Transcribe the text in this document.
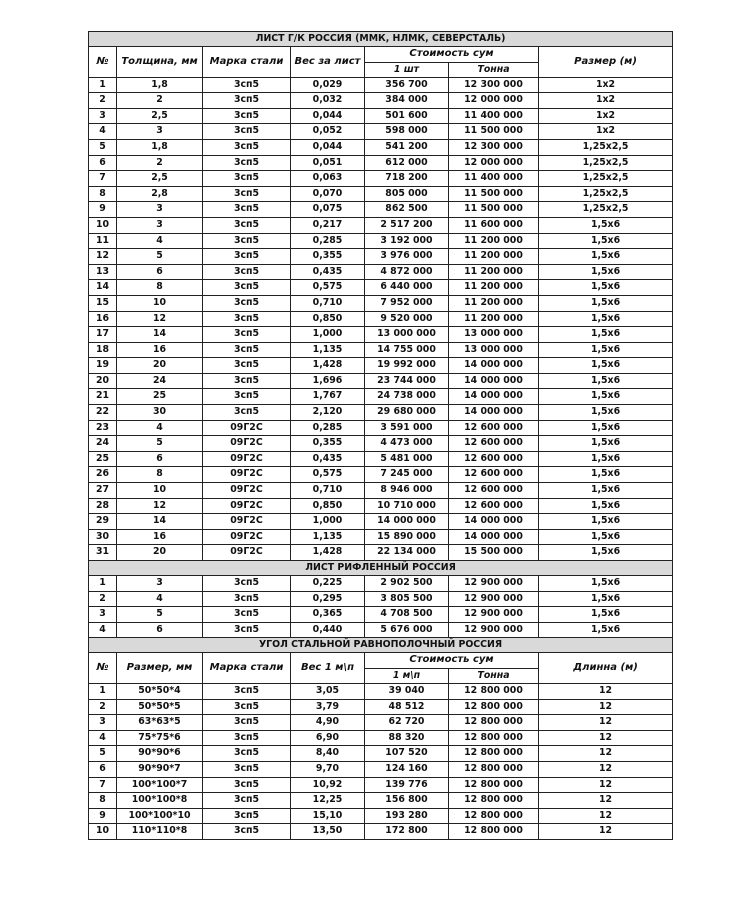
ЛИСТ Г/К РОССИЯ (ММК, НЛМК, СЕВЕРСТАЛЬ)						
№	Толщина, мм	Марка стали	Вес за лист	Стоимость сум		Размер (м)
				1 шт	Тонна	
1	1,8	3сп5	0,029	356 700	12 300 000	1х2
2	2	3сп5	0,032	384 000	12 000 000	1х2
3	2,5	3сп5	0,044	501 600	11 400 000	1х2
4	3	3сп5	0,052	598 000	11 500 000	1х2
5	1,8	3сп5	0,044	541 200	12 300 000	1,25х2,5
6	2	3сп5	0,051	612 000	12 000 000	1,25х2,5
7	2,5	3сп5	0,063	718 200	11 400 000	1,25х2,5
8	2,8	3сп5	0,070	805 000	11 500 000	1,25х2,5
9	3	3сп5	0,075	862 500	11 500 000	1,25х2,5
10	3	3сп5	0,217	2 517 200	11 600 000	1,5х6
11	4	3сп5	0,285	3 192 000	11 200 000	1,5х6
12	5	3сп5	0,355	3 976 000	11 200 000	1,5х6
13	6	3сп5	0,435	4 872 000	11 200 000	1,5х6
14	8	3сп5	0,575	6 440 000	11 200 000	1,5х6
15	10	3сп5	0,710	7 952 000	11 200 000	1,5х6
16	12	3сп5	0,850	9 520 000	11 200 000	1,5х6
17	14	3сп5	1,000	13 000 000	13 000 000	1,5х6
18	16	3сп5	1,135	14 755 000	13 000 000	1,5х6
19	20	3сп5	1,428	19 992 000	14 000 000	1,5х6
20	24	3сп5	1,696	23 744 000	14 000 000	1,5х6
21	25	3сп5	1,767	24 738 000	14 000 000	1,5х6
22	30	3сп5	2,120	29 680 000	14 000 000	1,5х6
23	4	09Г2С	0,285	3 591 000	12 600 000	1,5х6
24	5	09Г2С	0,355	4 473 000	12 600 000	1,5х6
25	6	09Г2С	0,435	5 481 000	12 600 000	1,5х6
26	8	09Г2С	0,575	7 245 000	12 600 000	1,5х6
27	10	09Г2С	0,710	8 946 000	12 600 000	1,5х6
28	12	09Г2С	0,850	10 710 000	12 600 000	1,5х6
29	14	09Г2С	1,000	14 000 000	14 000 000	1,5х6
30	16	09Г2С	1,135	15 890 000	14 000 000	1,5х6
31	20	09Г2С	1,428	22 134 000	15 500 000	1,5х6
ЛИСТ РИФЛЕННЫЙ РОССИЯ						
1	3	3сп5	0,225	2 902 500	12 900 000	1,5х6
2	4	3сп5	0,295	3 805 500	12 900 000	1,5х6
3	5	3сп5	0,365	4 708 500	12 900 000	1,5х6
4	6	3сп5	0,440	5 676 000	12 900 000	1,5х6
УГОЛ СТАЛЬНОЙ РАВНОПОЛОЧНЫЙ РОССИЯ						
№	Размер, мм	Марка стали	Вес 1 м\п	Стоимость сум		Длинна (м)
				1 м\п	Тонна	
1	50*50*4	3сп5	3,05	39 040	12 800 000	12
2	50*50*5	3сп5	3,79	48 512	12 800 000	12
3	63*63*5	3сп5	4,90	62 720	12 800 000	12
4	75*75*6	3сп5	6,90	88 320	12 800 000	12
5	90*90*6	3сп5	8,40	107 520	12 800 000	12
6	90*90*7	3сп5	9,70	124 160	12 800 000	12
7	100*100*7	3сп5	10,92	139 776	12 800 000	12
8	100*100*8	3сп5	12,25	156 800	12 800 000	12
9	100*100*10	3сп5	15,10	193 280	12 800 000	12
10	110*110*8	3сп5	13,50	172 800	12 800 000	12
